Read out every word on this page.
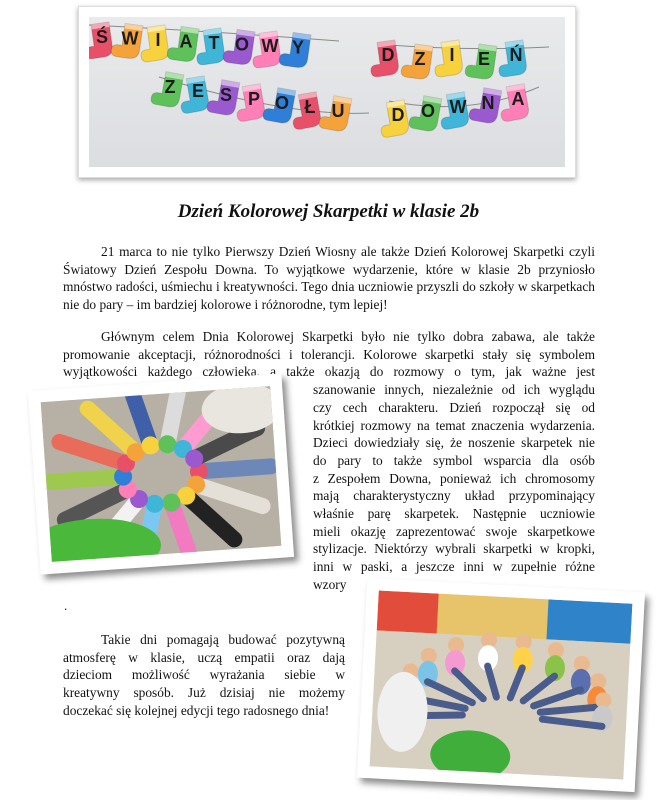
Ś W I A T O W Y	D Z I E Ń
Z E S P O Ł U	D O W N A
Dzień Kolorowej Skarpetki w klasie 2b

21 marca to nie tylko Pierwszy Dzień Wiosny ale także Dzień Kolorowej Skarpetki czyli Światowy Dzień Zespołu Downa. To wyjątkowe wydarzenie, które w klasie 2b przyniosło mnóstwo radości, uśmiechu i kreatywności. Tego dnia uczniowie przyszli do szkoły w skarpetkach nie do pary – im bardziej kolorowe i różnorodne, tym lepiej!

Głównym celem Dnia Kolorowej Skarpetki było nie tylko dobra zabawa, ale także

promowanie akceptacji, różnorodności i tolerancji. Kolorowe skarpetki stały się symbolem

wyjątkowości każdego człowieka, a także okazją do rozmowy o tym, jak ważne jest

szanowanie innych, niezależnie od ich wyglądu

czy cech charakteru. Dzień rozpoczął się od

krótkiej rozmowy na temat znaczenia wydarzenia.

Dzieci dowiedziały się, że noszenie skarpetek nie

do pary to także symbol wsparcia dla osób

z Zespołem Downa, ponieważ ich chromosomy

mają charakterystyczny układ przypominający

właśnie parę skarpetek. Następnie uczniowie

mieli okazję zaprezentować swoje skarpetkowe

stylizacje. Niektórzy wybrali skarpetki w kropki,

inni w paski, a jeszcze inni w zupełnie różne

wzory

.

Takie dni pomagają budować pozytywną

atmosferę w klasie, uczą empatii oraz dają

dzieciom możliwość wyrażania siebie w

kreatywny sposób. Już dzisiaj nie możemy

doczekać się kolejnej edycji tego radosnego dnia!
